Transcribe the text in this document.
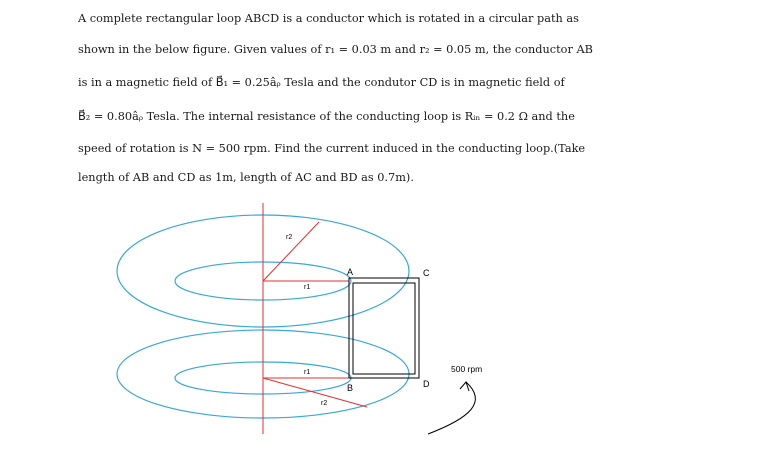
A complete rectangular loop ABCD is a conductor which is rotated in a circular path as
shown in the below figure. Given values of r₁ = 0.03 m and r₂ = 0.05 m, the conductor AB
is in a magnetic field of B⃗₁ = 0.25âᵨ Tesla and the condutor CD is in magnetic field of
B⃗₂ = 0.80âᵨ Tesla. The internal resistance of the conducting loop is Rᵢₙ = 0.2 Ω and the
speed of rotation is N = 500 rpm. Find the current induced in the conducting loop.(Take
length of AB and CD as 1m, length of AC and BD as 0.7m).
A	C
B	D
r2
r1
r1
r2
500 rpm
